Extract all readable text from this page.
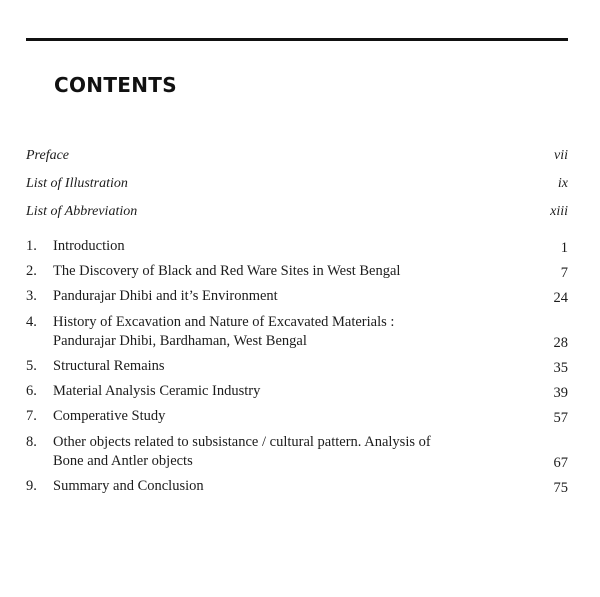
CONTENTS
Preface	vii
List of Illustration	ix
List of Abbreviation	xiii
1. Introduction	1
2. The Discovery of Black and Red Ware Sites in West Bengal	7
3. Pandurajar Dhibi and it’s Environment	24
4. History of Excavation and Nature of Excavated Materials :
Pandurajar Dhibi, Bardhaman, West Bengal	28
5. Structural Remains	35
6. Material Analysis Ceramic Industry	39
7. Comperative Study	57
8. Other objects related to subsistance / cultural pattern. Analysis of
Bone and Antler objects	67
9. Summary and Conclusion	75
